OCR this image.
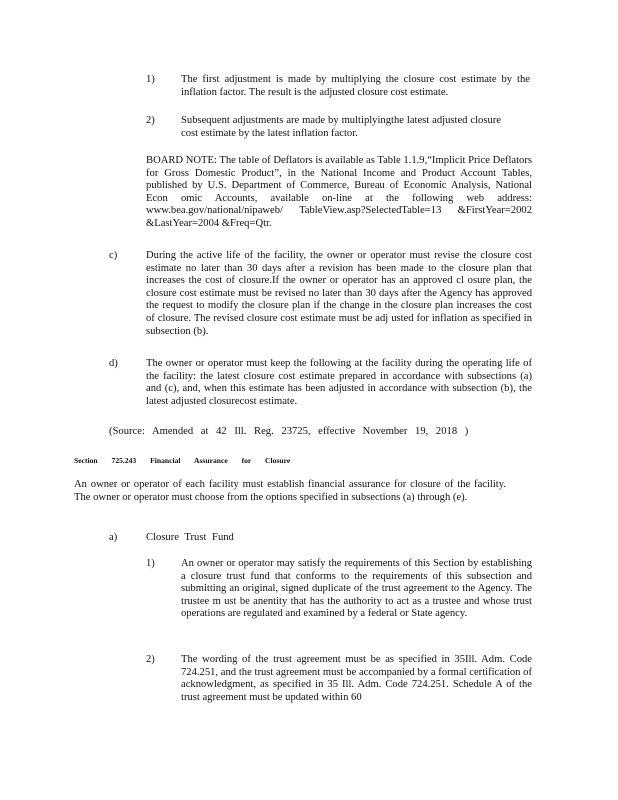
1) The first adjustment is made by multiplying the closure cost estimate by the inflation factor. The result is the adjusted closure cost estimate.
2) Subsequent adjustments are made by multiplyingthe latest adjusted closure cost estimate by the latest inflation factor.
BOARD NOTE: The table of Deflators is available as Table 1.1.9,“Implicit Price Deflators for Gross Domestic Product”, in the National Income and Product Account Tables, published by U.S. Department of Commerce, Bureau of Economic Analysis, National Econ omic Accounts, available on-line at the following web address: www.bea.gov/national/nipaweb/ TableView.asp?SelectedTable=13 &FirstYear=2002 &LastYear=2004 &Freq=Qtr.
c)	During the active life of the facility, the owner or operator must revise the closure cost estimate no later than 30 days after a revision has been made to the closure plan that increases the cost of closure.If the owner or operator has an approved cl osure plan, the closure cost estimate must be revised no later than 30 days after the Agency has approved the request to modify the closure plan if the change in the closure plan increases the cost of closure. The revised closure cost estimate must be adj usted for inflation as specified in subsection (b).
d)	The owner or operator must keep the following at the facility during the operating life of the facility: the latest closure cost estimate prepared in accordance with subsections (a) and (c), and, when this estimate has been adjusted in accordance with subsection (b), the latest adjusted closurecost estimate.
(Source: Amended at 42 Ill. Reg. 23725, effective November 19, 2018 )
Section 725.243 Financial Assurance for Closure
An owner or operator of each facility must establish financial assurance for closure of the facility. The owner or operator must choose from the options specified in subsections (a) through (e).
a)	Closure Trust Fund
1) An owner or operator may satisfy the requirements of this Section by establishing a closure trust fund that conforms to the requirements of this subsection and submitting an original, signed duplicate of the trust agreement to the Agency. The trustee m ust be anentity that has the authority to act as a trustee and whose trust operations are regulated and examined by a federal or State agency.
2) The wording of the trust agreement must be as specified in 35Ill. Adm. Code 724.251, and the trust agreement must be accompanied by a formal certification of acknowledgment, as specified in 35 Ill. Adm. Code 724.251. Schedule A of the trust agreement must be updated within 60
